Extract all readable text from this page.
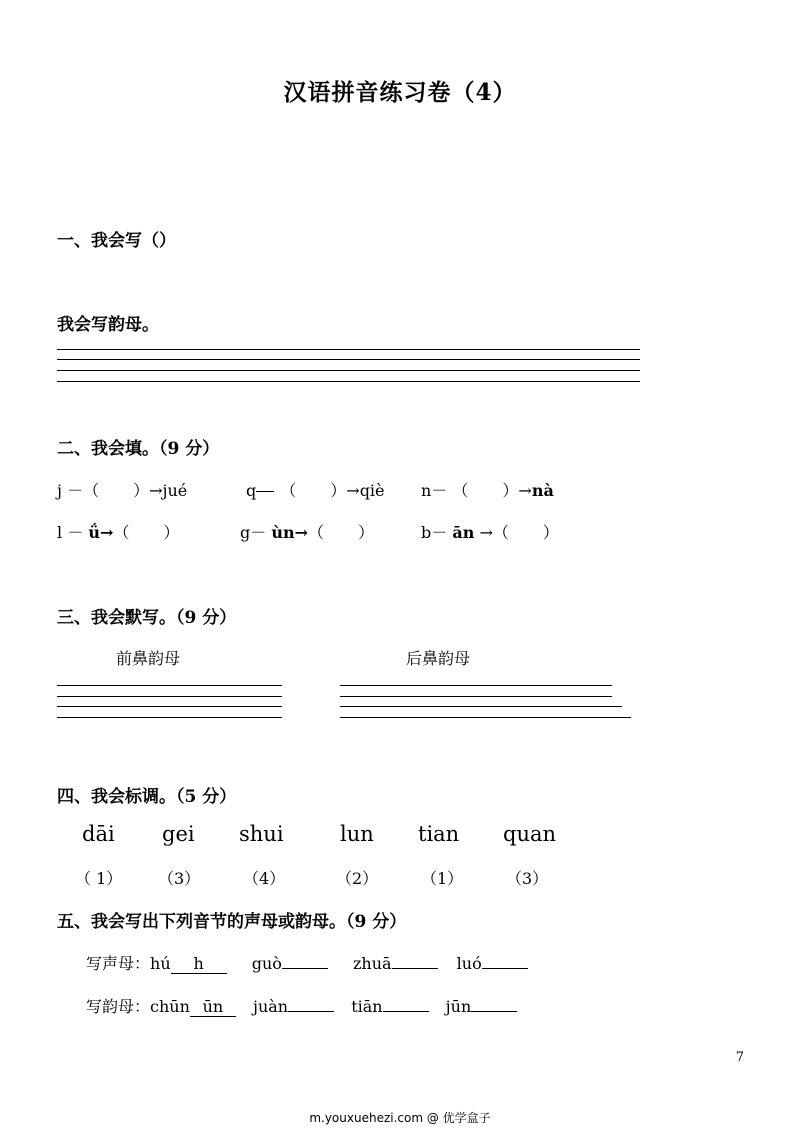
汉语拼音练习卷（4）
一、我会写（）
我会写韵母。
二、我会填。（9 分）
j －（ ）→jué	q （ ）→qiè n－ （ ）→nà
l － ǘ→（ ）	g－ ùn→（ ）	b－ ān →（ ）
三、我会默写。（9 分）
前鼻韵母	后鼻韵母
四、我会标调。（5 分）
dāi gei shui	lun tian quan
（ 1） （3）	（4）	（2）	（1）	（3）
五、我会写出下列音节的声母或韵母。（9 分）
写声母：hú h	guò	zhuā	luó
写韵母：chūn ūn juàn	tiān	jūn
7
m.youxuehezi.com @ 优学盒子
